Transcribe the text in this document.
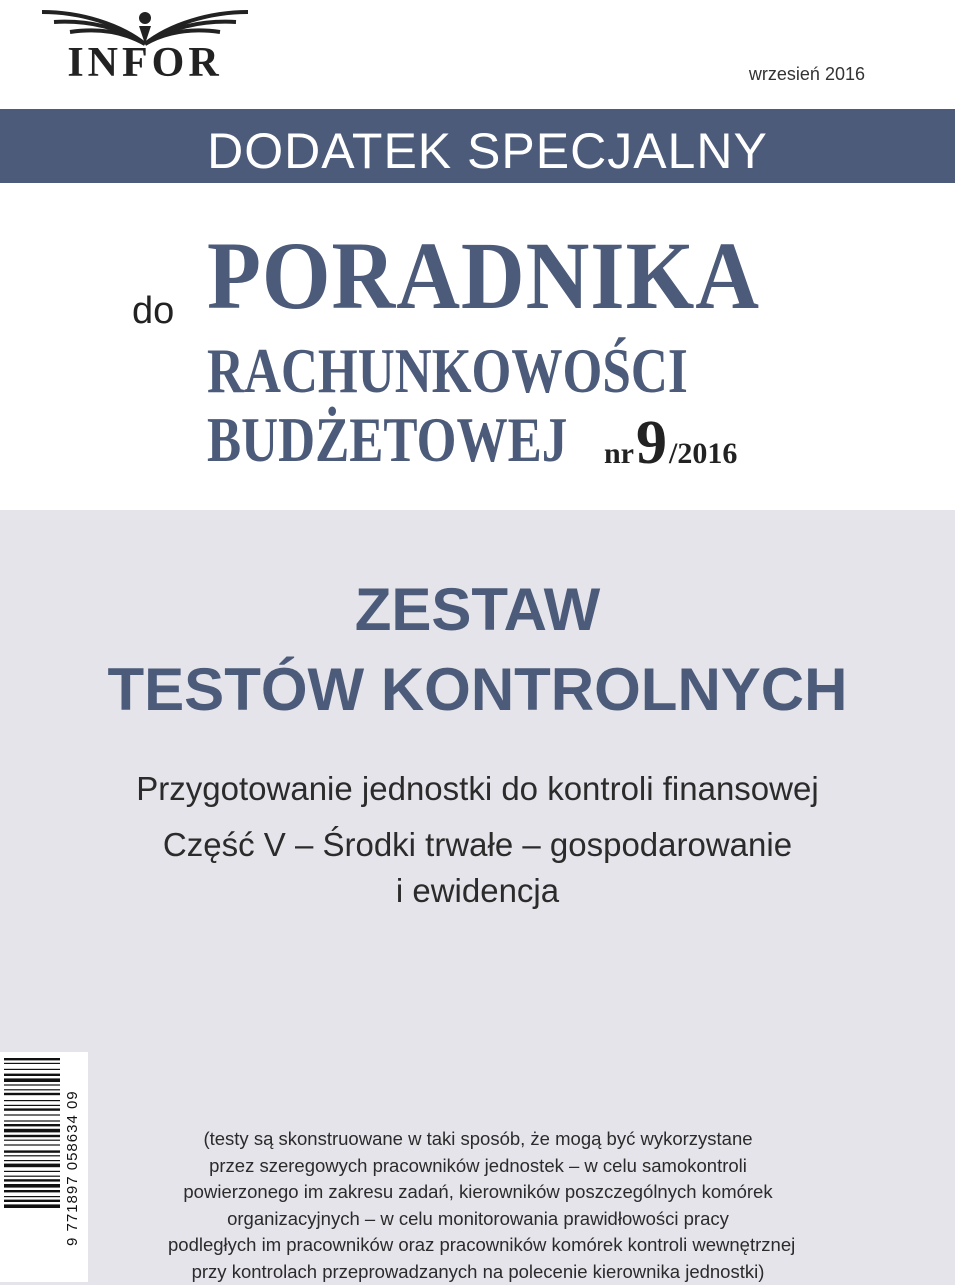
INFOR	wrzesień 2016
DODATEK SPECJALNY
do PORADNIKA
RACHUNKOWOŚCI
BUDŻETOWEJ nr9/2016
ZESTAW
TESTÓW KONTROLNYCH
Przygotowanie jednostki do kontroli finansowej
Część V – Środki trwałe – gospodarowanie
i ewidencja
9 771897 058634 09	(testy są skonstruowane w taki sposób, że mogą być wykorzystane
przez szeregowych pracowników jednostek – w celu samokontroli
powierzonego im zakresu zadań, kierowników poszczególnych komórek
organizacyjnych – w celu monitorowania prawidłowości pracy
podległych im pracowników oraz pracowników komórek kontroli wewnętrznej
przy kontrolach przeprowadzanych na polecenie kierownika jednostki)
